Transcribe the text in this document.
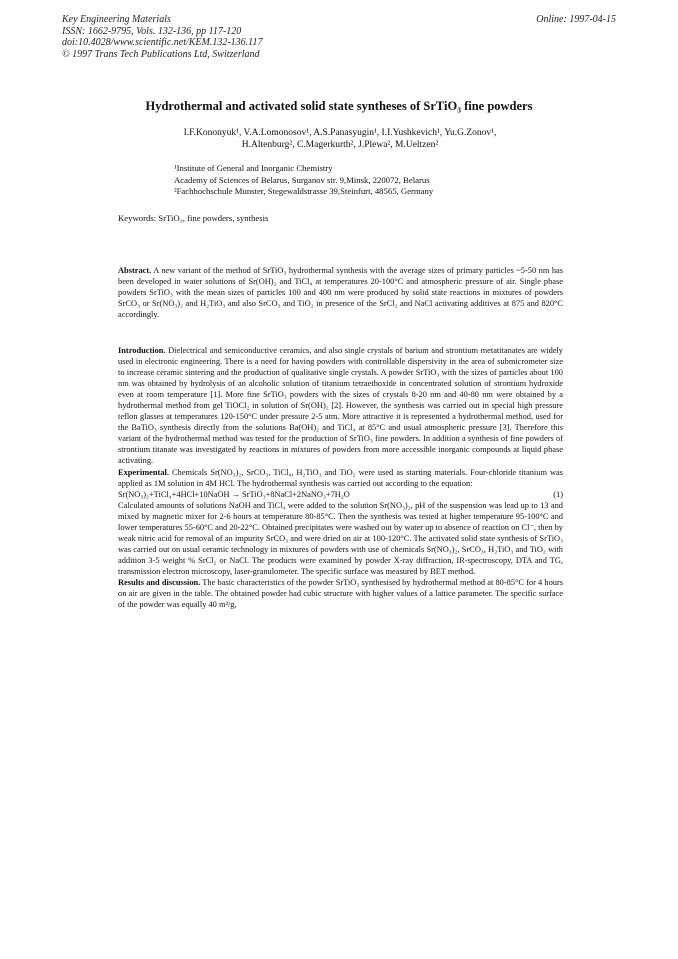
Key Engineering Materials
ISSN: 1662-9795, Vols. 132-136, pp 117-120
doi:10.4028/www.scientific.net/KEM.132-136.117
© 1997 Trans Tech Publications Ltd, Switzerland
Online: 1997-04-15
Hydrothermal and activated solid state syntheses of SrTiO₃ fine powders
I.F.Kononyuk¹, V.A.Lomonosov¹, A.S.Panasyugin¹, I.I.Yushkevich¹, Yu.G.Zonov¹,
H.Altenburg², C.Magerkurth², J.Plewa², M.Ueltzen²
¹Institute of General and Inorganic Chemistry
Academy of Sciences of Belarus, Surganov str. 9,Minsk, 220072, Belarus
²Fachhochschule Munster, Stegewaldstrasse 39,Steinfurt, 48565, Germany
Keywords: SrTiO₃, fine powders, synthesis

Abstract. A new variant of the method of SrTiO₃ hydrothermal synthesis with the average sizes of primary particles ~5-50 nm has been developed in water solutions of Sr(OH)₂ and TiCl₄ at temperatures 20-100°C and atmospheric pressure of air. Single phase powders SrTiO₃ with the mean sizes of particles 100 and 400 nm were produced by solid state reactions in mixtures of powders SrCO₃ or Sr(NO₃)₂ and H₂TiO₃ and also SrCO₃ and TiO₂ in presence of the SrCl₂ and NaCl activating additives at 875 and 820°C accordingly.

Introduction. Dielectrical and semiconductive ceramics, and also single crystals of barium and strontium metatitanates are widely used in electronic engineering. There is a need for having powders with controllable dispersivity in the area of submicrometer size to increase ceramic sintering and the production of qualitative single crystals. A powder SrTiO₃ with the sizes of particles about 100 nm was obtained by hydrolysis of an alcoholic solution of titanium tetraethoxide in concentrated solution of strontium hydroxide even at room temperature [1]. More fine SrTiO₃ powders with the sizes of crystals 8-20 nm and 40-80 nm were obtained by a hydrothermal method from gel TiOCl₂ in solution of Sr(OH)₂ [2]. However, the synthesis was carried out in special high pressure teflon glasses at temperatures 120-150°C under pressure 2-5 atm. More attractive it is represented a hydrothermal method, used for the BaTiO₃ synthesis directly from the solutions Ba(OH)₂ and TiCl₄ at 85°C and usual atmospheric pressure [3]. Therefore this variant of the hydrothermal method was tested for the production of SrTiO₃ fine powders. In addition a synthesis of fine powders of strontium titanate was investigated by reactions in mixtures of powders from more accessible inorganic compounds at liquid phase activating.

Experimental. Chemicals Sr(NO₃)₂, SrCO₃, TiCl₄, H₂TiO₃ and TiO₂ were used as starting materials. Four-chloride titanium was applied as 1M solution in 4M HCl. The hydrothermal synthesis was carried out according to the equation:

Sr(NO₃)₂+TiCl₄+4HCl+10NaOH → SrTiO₃+8NaCl+2NaNO₃+7H₂O	(1)

Calculated amounts of solutions NaOH and TiCl₄ were added to the solution Sr(NO₃)₂, pH of the suspension was lead up to 13 and mixed by magnetic mixer for 2-6 hours at temperature 80-85°C. Then the synthesis was tested at higher temperature 95-100°C and lower temperatures 55-60°C and 20-22°C. Obtained precipitates were washed out by water up to absence of reaction on Cl⁻, then by weak nitric acid for removal of an impurity SrCO₃ and were dried on air at 100-120°C. The activated solid state synthesis of SrTiO₃ was carried out on usual ceramic technology in mixtures of powders with use of chemicals Sr(NO₃)₂, SrCO₃, H₂TiO₃ and TiO₂ with addition 3-5 weight % SrCl₂ or NaCl. The products were examined by powder X-ray diffraction, IR-spectroscopy, DTA and TG, transmission electron microscopy, laser-granulometer. The specific surface was measured by BET method.

Results and discussion. The basic characteristics of the powder SrTiO₃ synthesised by hydrothermal method at 80-85°C for 4 hours on air are given in the table. The obtained powder had cubic structure with higher values of a lattice parameter. The specific surface of the powder was equally 40 m²/g,
